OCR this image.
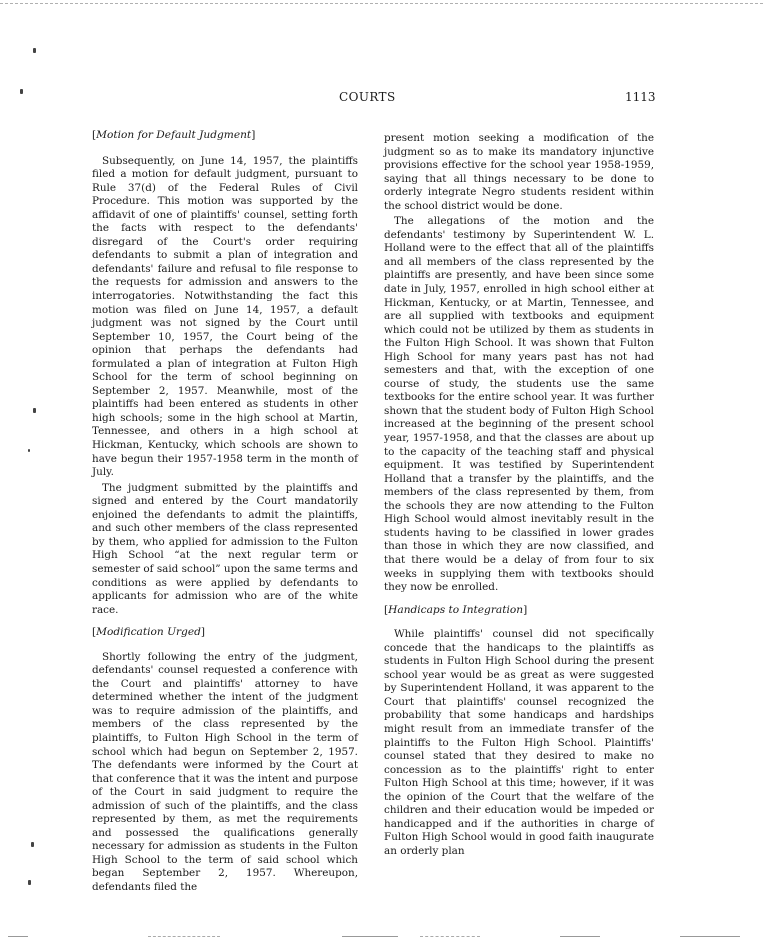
COURTS	1113
[Motion for Default Judgment]

Subsequently, on June 14, 1957, the plaintiffs filed a motion for default judgment, pursuant to Rule 37(d) of the Federal Rules of Civil Procedure. This motion was supported by the affidavit of one of plaintiffs' counsel, setting forth the facts with respect to the defendants' disregard of the Court's order requiring defendants to submit a plan of integration and defendants' failure and refusal to file response to the requests for admission and answers to the interrogatories. Notwithstanding the fact this motion was filed on June 14, 1957, a default judgment was not signed by the Court until September 10, 1957, the Court being of the opinion that perhaps the defendants had formulated a plan of integration at Fulton High School for the term of school beginning on September 2, 1957. Meanwhile, most of the plaintiffs had been entered as students in other high schools; some in the high school at Martin, Tennessee, and others in a high school at Hickman, Kentucky, which schools are shown to have begun their 1957-1958 term in the month of July.

The judgment submitted by the plaintiffs and signed and entered by the Court mandatorily enjoined the defendants to admit the plaintiffs, and such other members of the class represented by them, who applied for admission to the Fulton High School “at the next regular term or semester of said school” upon the same terms and conditions as were applied by defendants to applicants for admission who are of the white race.

[Modification Urged]

Shortly following the entry of the judgment, defendants' counsel requested a conference with the Court and plaintiffs' attorney to have determined whether the intent of the judgment was to require admission of the plaintiffs, and members of the class represented by the plaintiffs, to Fulton High School in the term of school which had begun on September 2, 1957. The defendants were informed by the Court at that conference that it was the intent and purpose of the Court in said judgment to require the admission of such of the plaintiffs, and the class represented by them, as met the requirements and possessed the qualifications generally necessary for admission as students in the Fulton High School to the term of said school which began September 2, 1957. Whereupon, defendants filed the

present motion seeking a modification of the judgment so as to make its mandatory injunctive provisions effective for the school year 1958-1959, saying that all things necessary to be done to orderly integrate Negro students resident within the school district would be done.

The allegations of the motion and the defendants' testimony by Superintendent W. L. Holland were to the effect that all of the plaintiffs and all members of the class represented by the plaintiffs are presently, and have been since some date in July, 1957, enrolled in high school either at Hickman, Kentucky, or at Martin, Tennessee, and are all supplied with textbooks and equipment which could not be utilized by them as students in the Fulton High School. It was shown that Fulton High School for many years past has not had semesters and that, with the exception of one course of study, the students use the same textbooks for the entire school year. It was further shown that the student body of Fulton High School increased at the beginning of the present school year, 1957-1958, and that the classes are about up to the capacity of the teaching staff and physical equipment. It was testified by Superintendent Holland that a transfer by the plaintiffs, and the members of the class represented by them, from the schools they are now attending to the Fulton High School would almost inevitably result in the students having to be classified in lower grades than those in which they are now classified, and that there would be a delay of from four to six weeks in supplying them with textbooks should they now be enrolled.

[Handicaps to Integration]

While plaintiffs' counsel did not specifically concede that the handicaps to the plaintiffs as students in Fulton High School during the present school year would be as great as were suggested by Superintendent Holland, it was apparent to the Court that plaintiffs' counsel recognized the probability that some handicaps and hardships might result from an immediate transfer of the plaintiffs to the Fulton High School. Plaintiffs' counsel stated that they desired to make no concession as to the plaintiffs' right to enter Fulton High School at this time; however, if it was the opinion of the Court that the welfare of the children and their education would be impeded or handicapped and if the authorities in charge of Fulton High School would in good faith inaugurate an orderly plan
